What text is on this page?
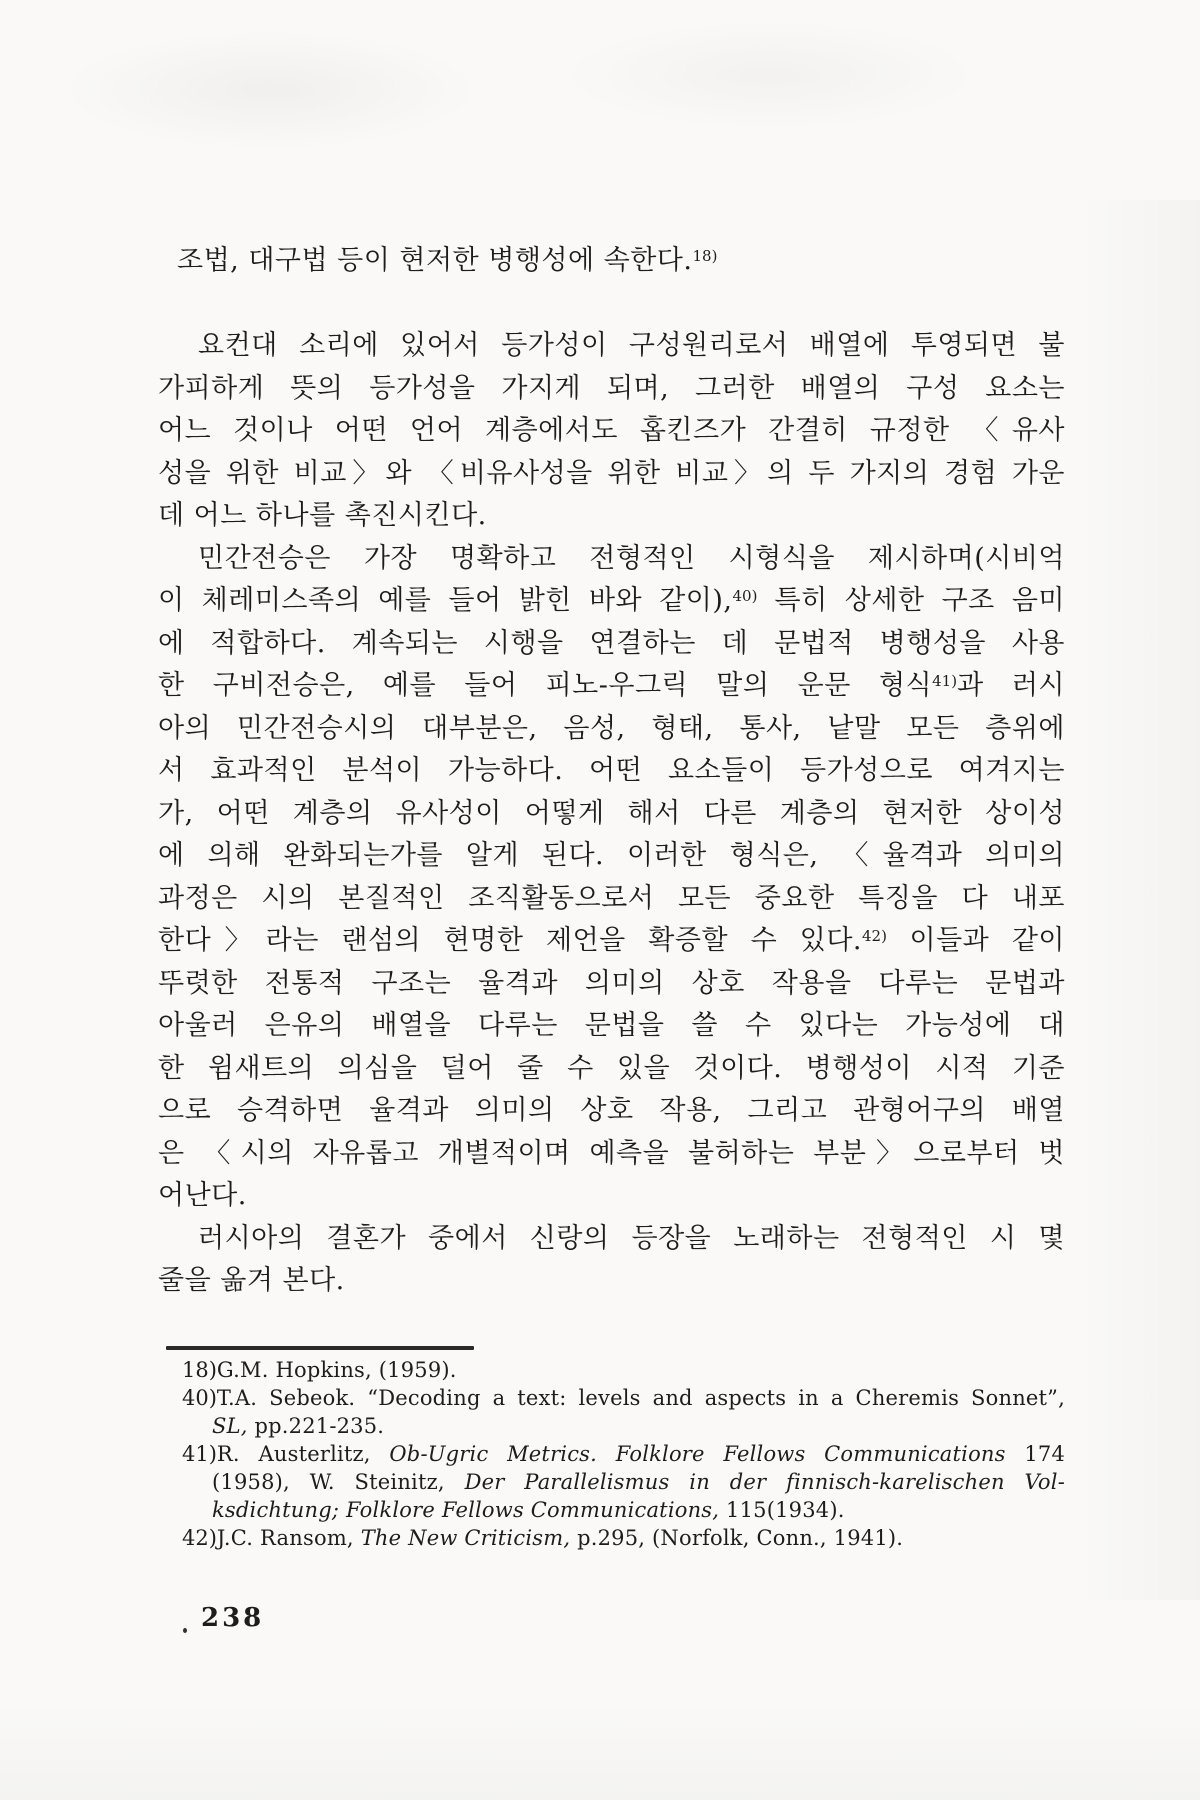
조법, 대구법 등이 현저한 병행성에 속한다.$^{18)}$
요컨대 소리에 있어서 등가성이 구성원리로서 배열에 투영되면 불
가피하게 뜻의 등가성을 가지게 되며, 그러한 배열의 구성 요소는
어느 것이나 어떤 언어 계층에서도 홉킨즈가 간결히 규정한 〈유사
성을 위한 비교〉와 〈비유사성을 위한 비교〉의 두 가지의 경험 가운
데 어느 하나를 촉진시킨다.
민간전승은 가장 명확하고 전형적인 시형식을 제시하며(시비억
이 체레미스족의 예를 들어 밝힌 바와 같이),$^{40)}$ 특히 상세한 구조 음미
에 적합하다. 계속되는 시행을 연결하는 데 문법적 병행성을 사용
한 구비전승은, 예를 들어 피노-우그릭 말의 운문 형식$^{41)}$과 러시
아의 민간전승시의 대부분은, 음성, 형태, 통사, 낱말 모든 층위에
서 효과적인 분석이 가능하다. 어떤 요소들이 등가성으로 여겨지는
가, 어떤 계층의 유사성이 어떻게 해서 다른 계층의 현저한 상이성
에 의해 완화되는가를 알게 된다. 이러한 형식은, 〈율격과 의미의
과정은 시의 본질적인 조직활동으로서 모든 중요한 특징을 다 내포
한다〉라는 랜섬의 현명한 제언을 확증할 수 있다.$^{42)}$ 이들과 같이
뚜렷한 전통적 구조는 율격과 의미의 상호 작용을 다루는 문법과
아울러 은유의 배열을 다루는 문법을 쓸 수 있다는 가능성에 대
한 윔새트의 의심을 덜어 줄 수 있을 것이다. 병행성이 시적 기준
으로 승격하면 율격과 의미의 상호 작용, 그리고 관형어구의 배열
은 〈시의 자유롭고 개별적이며 예측을 불허하는 부분〉으로부터 벗
어난다.
러시아의 결혼가 중에서 신랑의 등장을 노래하는 전형적인 시 몇
줄을 옮겨 본다.
18) G.M. Hopkins, (1959).
40) T.A. Sebeok. “Decoding a text: levels and aspects in a Cheremis Sonnet”,
SL, pp.221-235.
41) R. Austerlitz, Ob-Ugric Metrics. Folklore Fellows Communications 174
(1958), W. Steinitz, Der Parallelismus in der finnisch-karelischen Vol-
ksdichtung; Folklore Fellows Communications, 115(1934).
42) J.C. Ransom, The New Criticism, p.295, (Norfolk, Conn., 1941).
238
